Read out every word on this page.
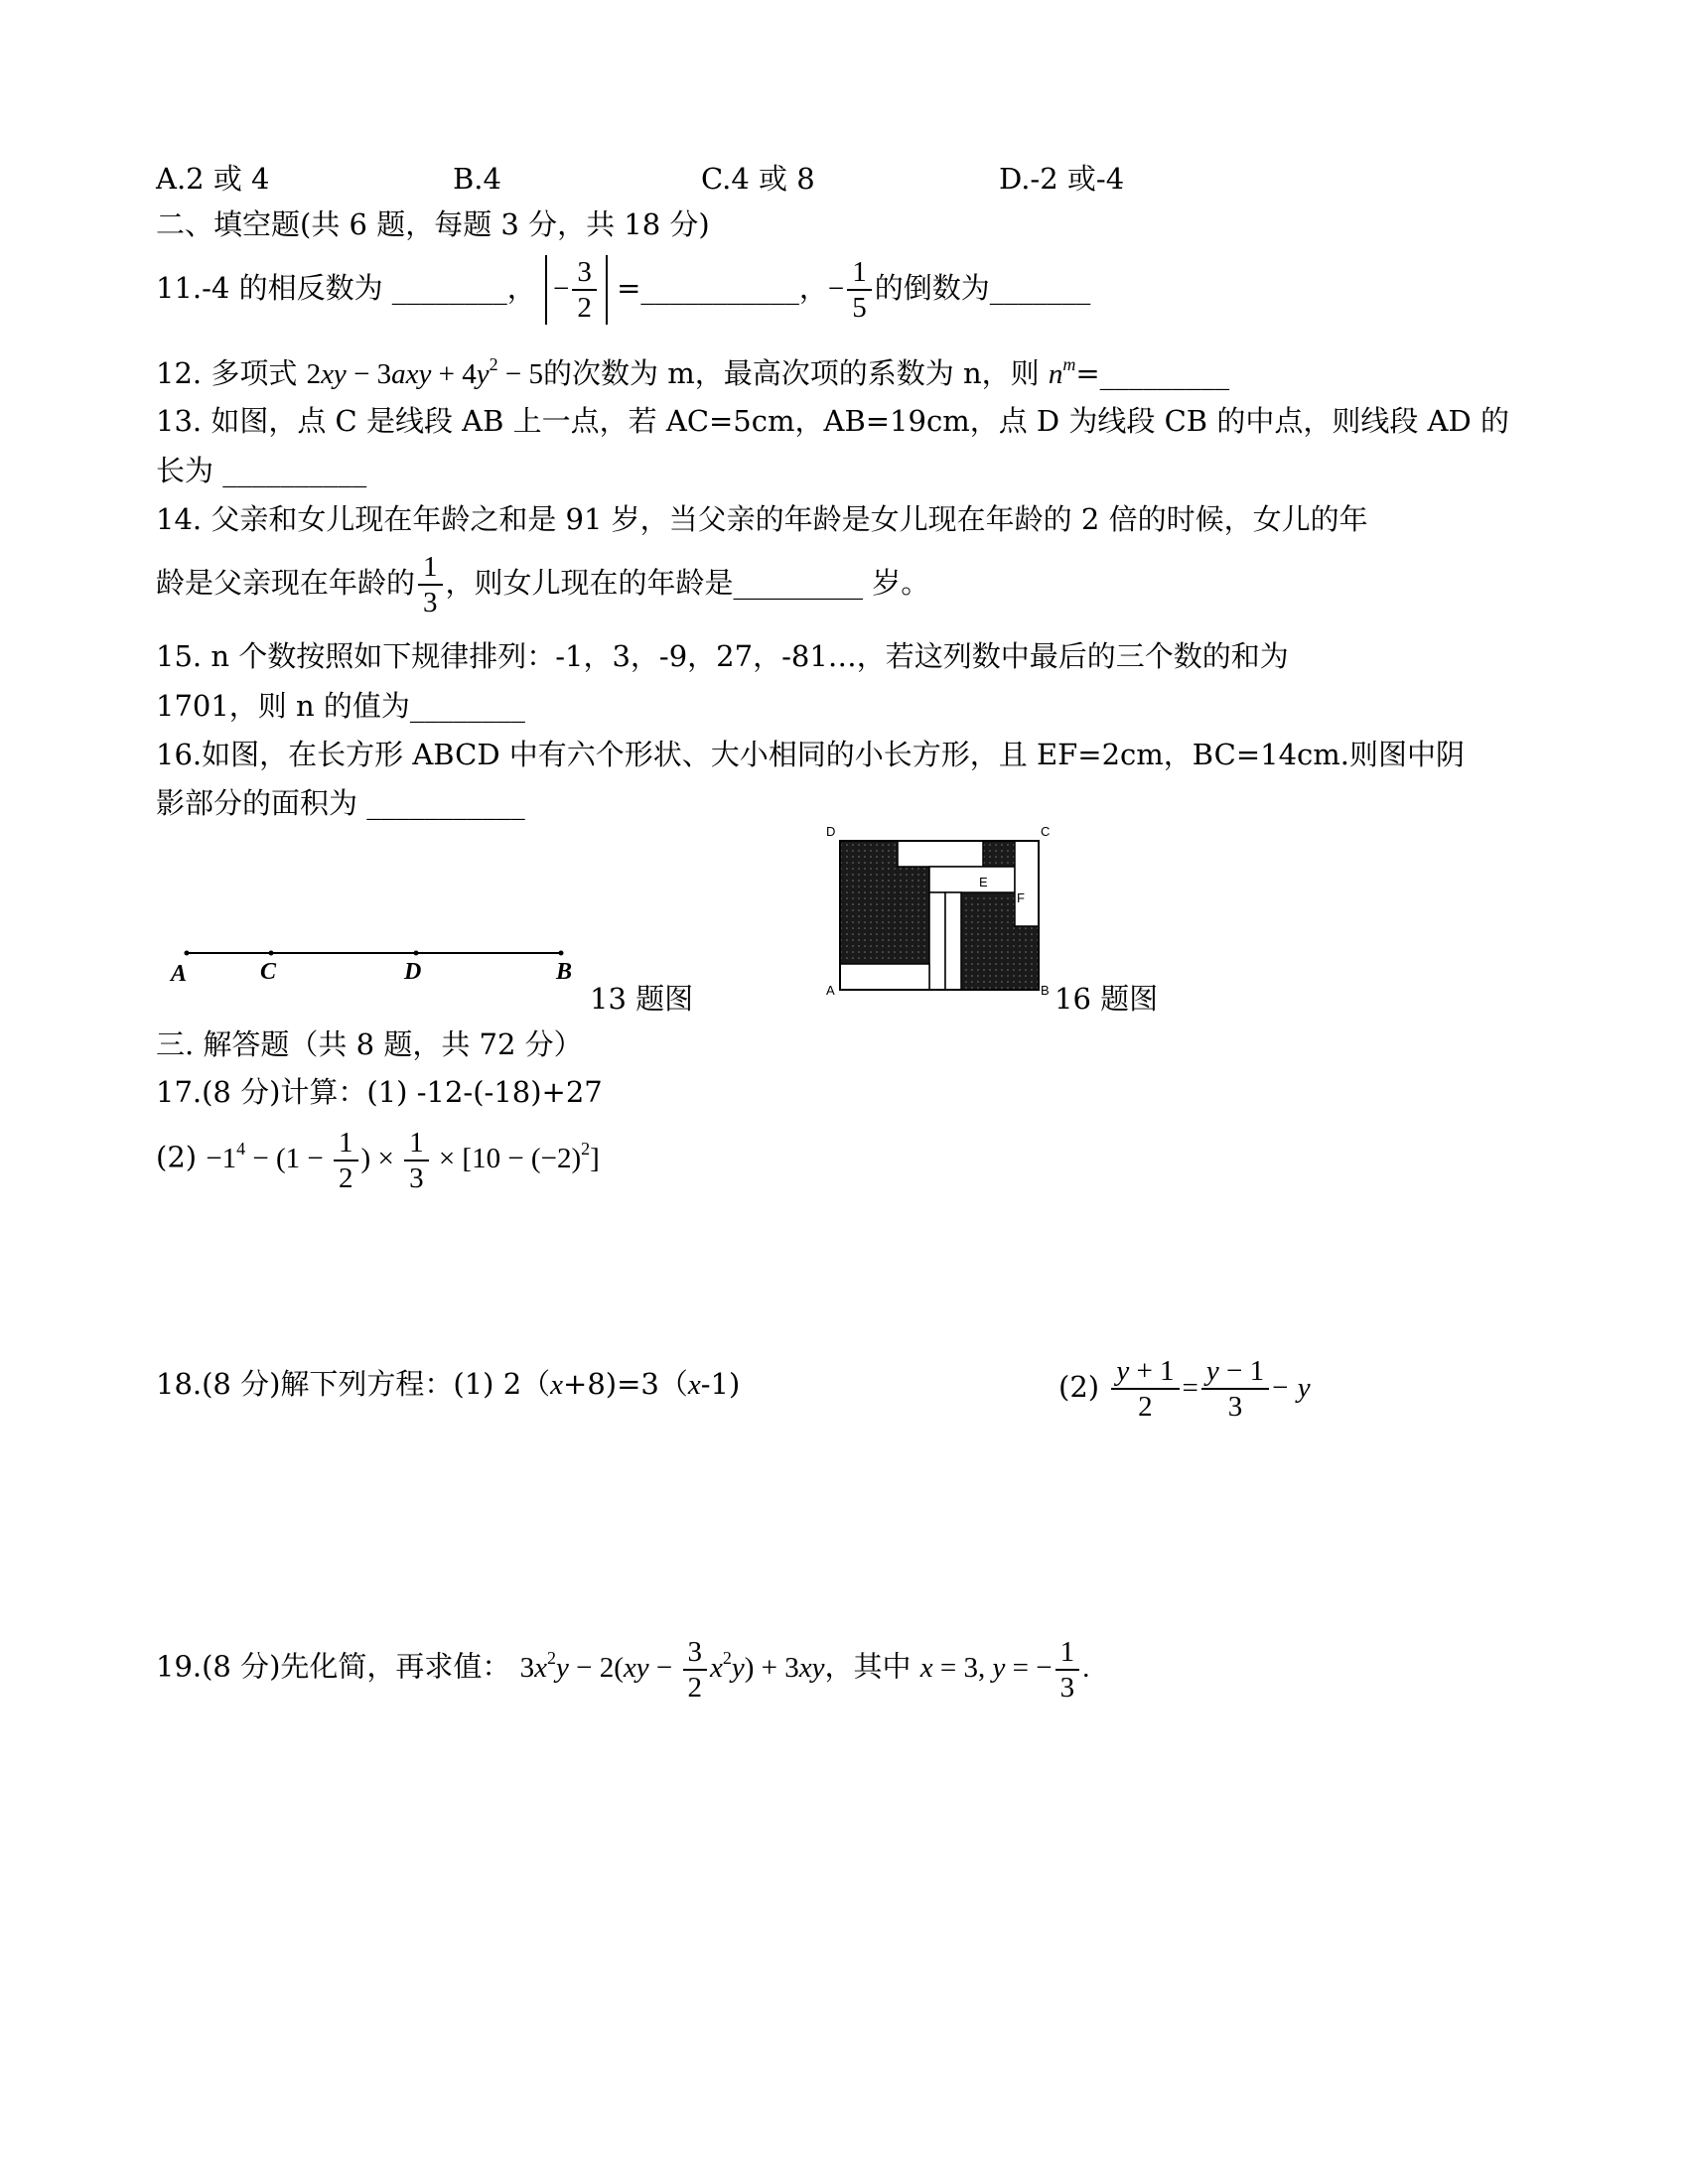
A.2 或 4	B.4	C.4 或 8	D.-2 或-4
二、填空题(共 6 题，每题 3 分，共 18 分)
11.-4 的相反数为 ________， − $\frac{3}{2}$ =___________，− $\frac{1}{5}$ 的倒数为_______
12. 多项式 $2xy - 3axy + 4y^2 - 5$的次数为 m，最高次项的系数为 n，则 $n^m=\_\_\_\_\_\_\_\_\_$
13. 如图，点 C 是线段 AB 上一点，若 AC=5cm，AB=19cm，点 D 为线段 CB 的中点，则线段 AD 的
长为 __________
14. 父亲和女儿现在年龄之和是 91 岁，当父亲的年龄是女儿现在年龄的 2 倍的时候，女儿的年
龄是父亲现在年龄的 $\frac{1}{3}$ ，则女儿现在的年龄是_________ 岁。
15. n 个数按照如下规律排列：-1，3，-9，27，-81…，若这列数中最后的三个数的和为
1701，则 n 的值为________
16.如图，在长方形 ABCD 中有六个形状、大小相同的小长方形，且 EF=2cm，BC=14cm.则图中阴
影部分的面积为 ___________
A	C	D	B
13 题图
D	C
A	B
E
F
16 题图
三. 解答题（共 8 题，共 72 分）
17.(8 分)计算：(1) -12-(-18)+27
$(2) -1^4 - (1 - \frac{1}{2}$ ) × $\frac{1}{3} \times [10 - (-2)^2]$
18.(8 分)解下列方程：(1) 2（x+8)=3（x-1)	$(2) \frac{y + 1}{2} = \frac{y - 1}{3} - y$
19.(8 分)先化简，再求值： $3x^2y - 2(xy - \frac{3}{2} x^2y) + 3xy$，其中 x = 3, y = − $\frac{1}{3}$ .
